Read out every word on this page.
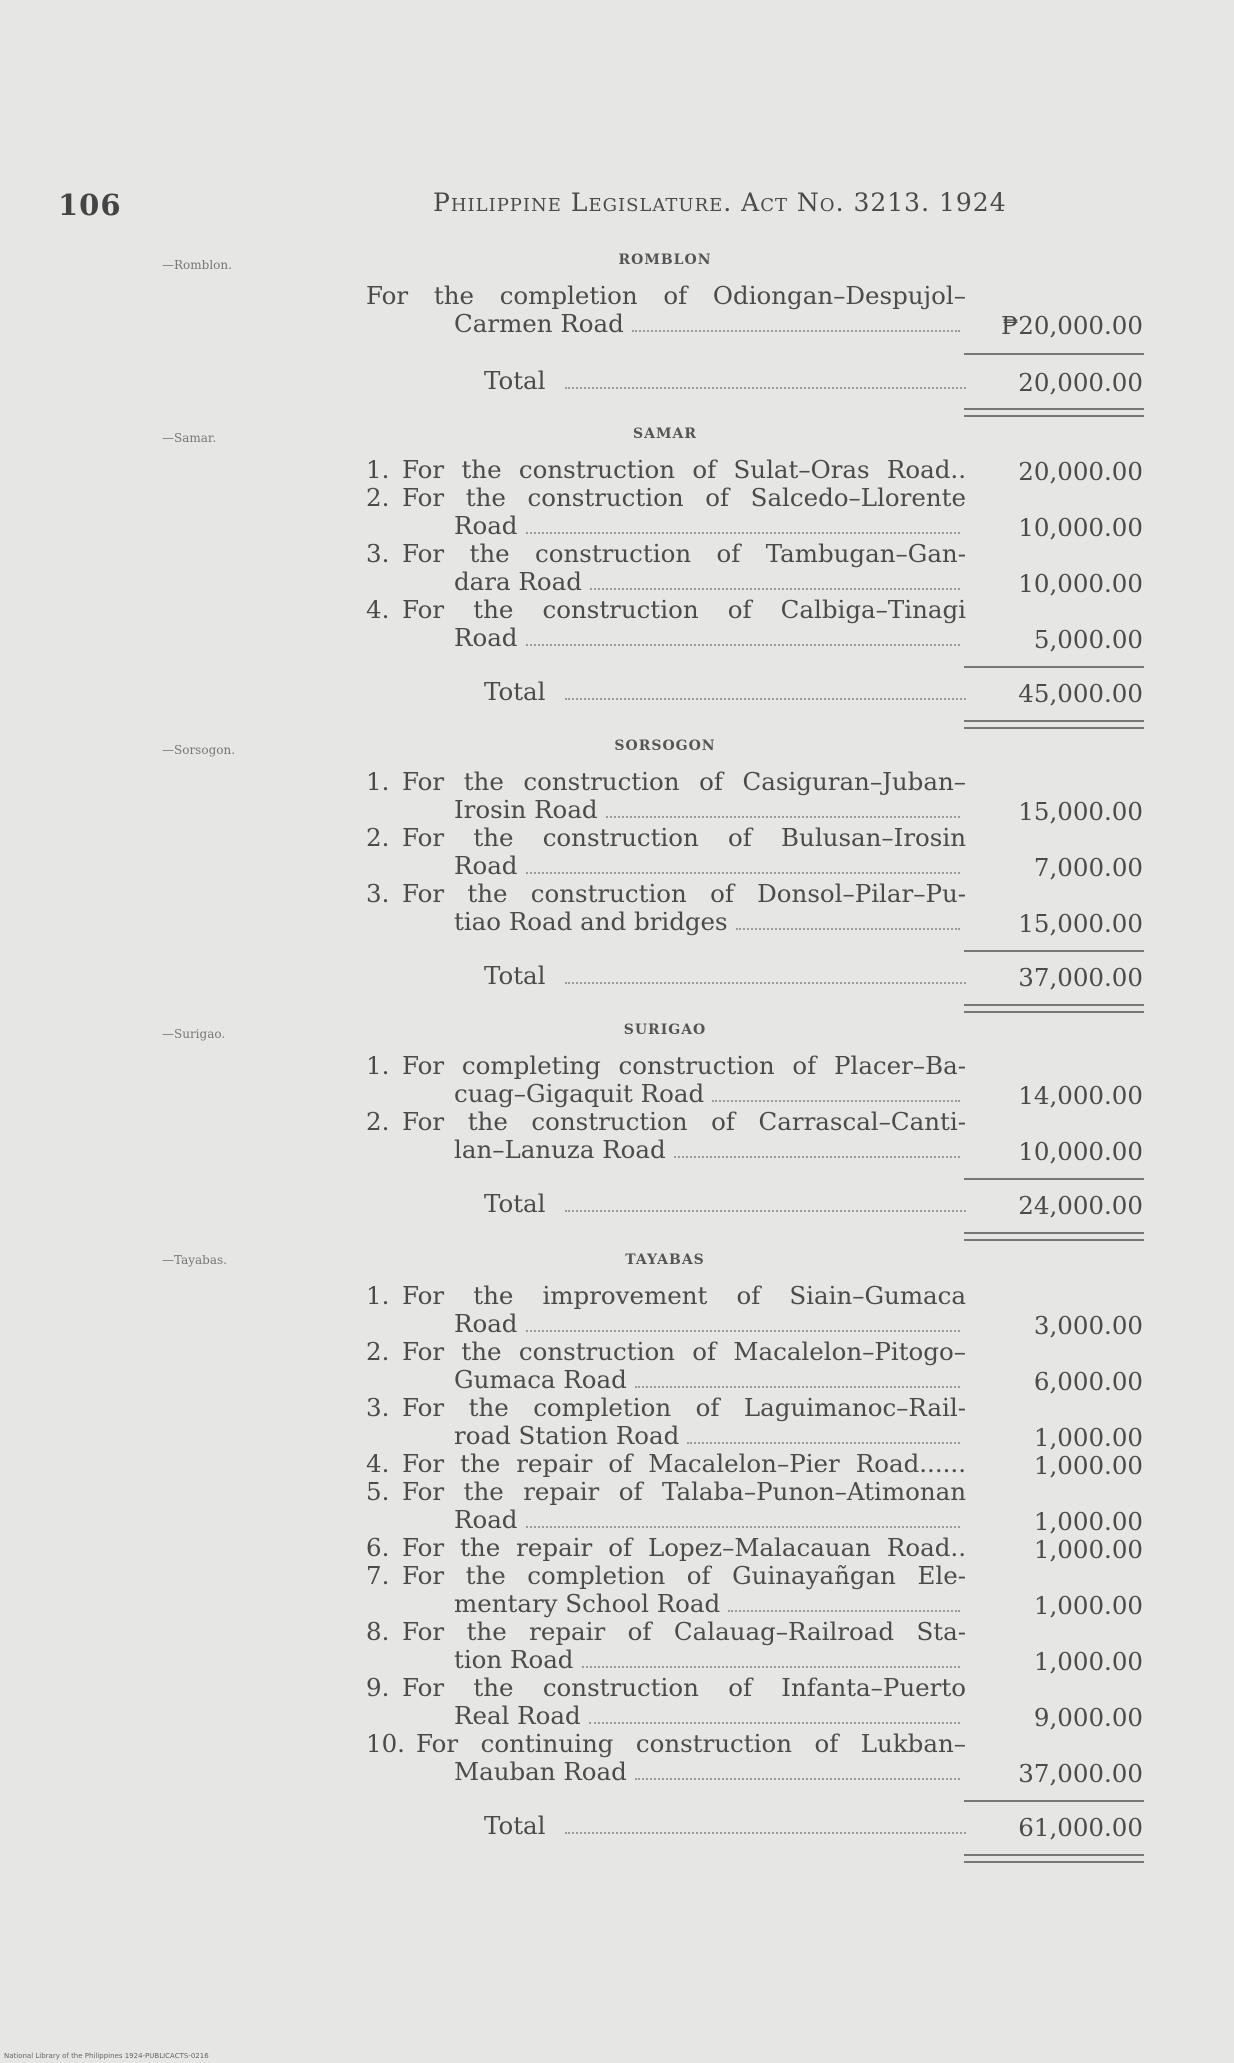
106	Philippine Legislature. Act No. 3213. 1924
—Romblon.	ROMBLON
For the completion of Odiongan–Despujol–
Carmen Road	₱20,000.00
Total	20,000.00
—Samar.	SAMAR
1. For the construction of Sulat–Oras Road..	20,000.00
2. For the construction of Salcedo–Llorente
Road	10,000.00
3. For the construction of Tambugan–Gan-
dara Road	10,000.00
4. For the construction of Calbiga–Tinagi
Road	5,000.00
Total	45,000.00
—Sorsogon.	SORSOGON
1. For the construction of Casiguran–Juban–
Irosin Road	15,000.00
2. For the construction of Bulusan–Irosin
Road	7,000.00
3. For the construction of Donsol–Pilar–Pu-
tiao Road and bridges	15,000.00
Total	37,000.00
—Surigao.	SURIGAO
1. For completing construction of Placer–Ba-
cuag–Gigaquit Road	14,000.00
2. For the construction of Carrascal–Canti-
lan–Lanuza Road	10,000.00
Total	24,000.00
—Tayabas.	TAYABAS
1. For the improvement of Siain–Gumaca
Road	3,000.00
2. For the construction of Macalelon–Pitogo–
Gumaca Road	6,000.00
3. For the completion of Laguimanoc–Rail-
road Station Road	1,000.00
4. For the repair of Macalelon–Pier Road......	1,000.00
5. For the repair of Talaba–Punon–Atimonan
Road	1,000.00
6. For the repair of Lopez–Malacauan Road..	1,000.00
7. For the completion of Guinayañgan Ele-
mentary School Road	1,000.00
8. For the repair of Calauag–Railroad Sta-
tion Road	1,000.00
9. For the construction of Infanta–Puerto
Real Road	9,000.00
10. For continuing construction of Lukban–
Mauban Road	37,000.00
Total	61,000.00
National Library of the Philippines 1924-PUBLICACTS-0216
